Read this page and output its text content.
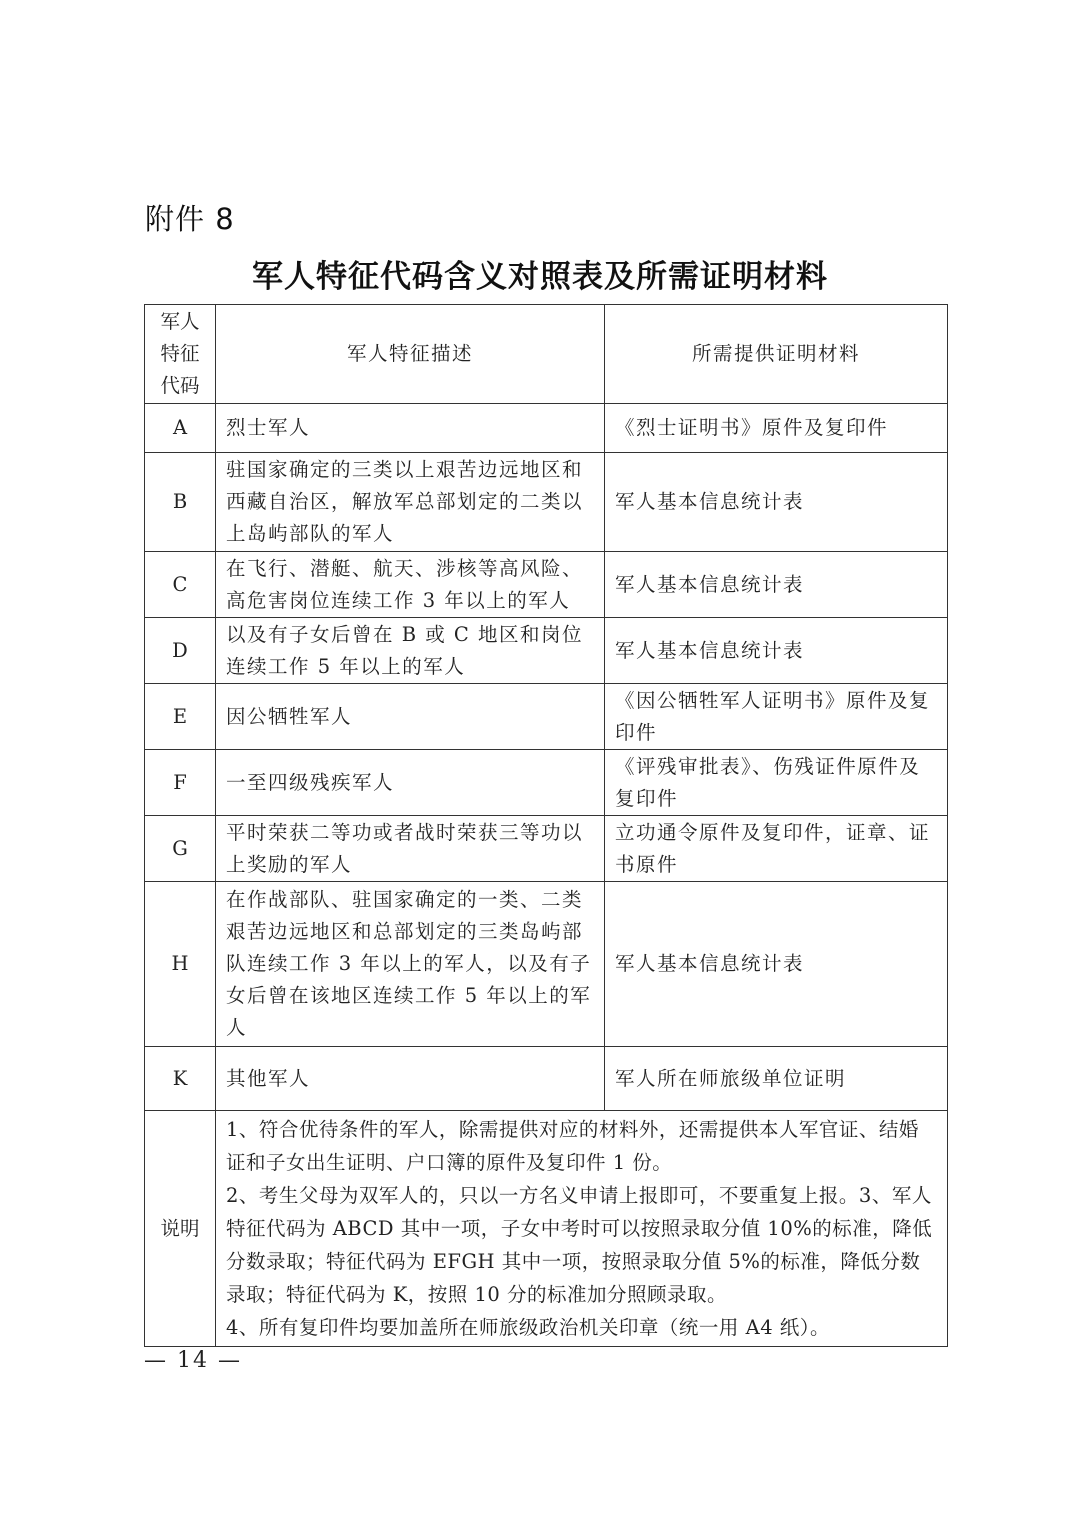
附件 8
军人特征代码含义对照表及所需证明材料
军人
特征
代码	军人特征描述	所需提供证明材料
A	烈士军人	《烈士证明书》原件及复印件
B	驻国家确定的三类以上艰苦边远地区和西藏自治区，解放军总部划定的二类以上岛屿部队的军人	军人基本信息统计表
C	在飞行、潜艇、航天、涉核等高风险、高危害岗位连续工作 3 年以上的军人	军人基本信息统计表
D	以及有子女后曾在 B 或 C 地区和岗位连续工作 5 年以上的军人	军人基本信息统计表
E	因公牺牲军人	《因公牺牲军人证明书》原件及复印件
F	一至四级残疾军人	《评残审批表》、伤残证件原件及复印件
G	平时荣获二等功或者战时荣获三等功以上奖励的军人	立功通令原件及复印件，证章、证书原件
H	在作战部队、驻国家确定的一类、二类艰苦边远地区和总部划定的三类岛屿部队连续工作 3 年以上的军人，以及有子女后曾在该地区连续工作 5 年以上的军人	军人基本信息统计表
K	其他军人	军人所在师旅级单位证明
说明	1、符合优待条件的军人，除需提供对应的材料外，还需提供本人军官证、结婚证和子女出生证明、户口簿的原件及复印件 1 份。
2、考生父母为双军人的，只以一方名义申请上报即可，不要重复上报。3、军人特征代码为 ABCD 其中一项，子女中考时可以按照录取分值 10%的标准，降低分数录取；特征代码为 EFGH 其中一项，按照录取分值 5%的标准，降低分数录取；特征代码为 K，按照 10 分的标准加分照顾录取。
4、所有复印件均要加盖所在师旅级政治机关印章（统一用 A4 纸）。	
— 14 —
